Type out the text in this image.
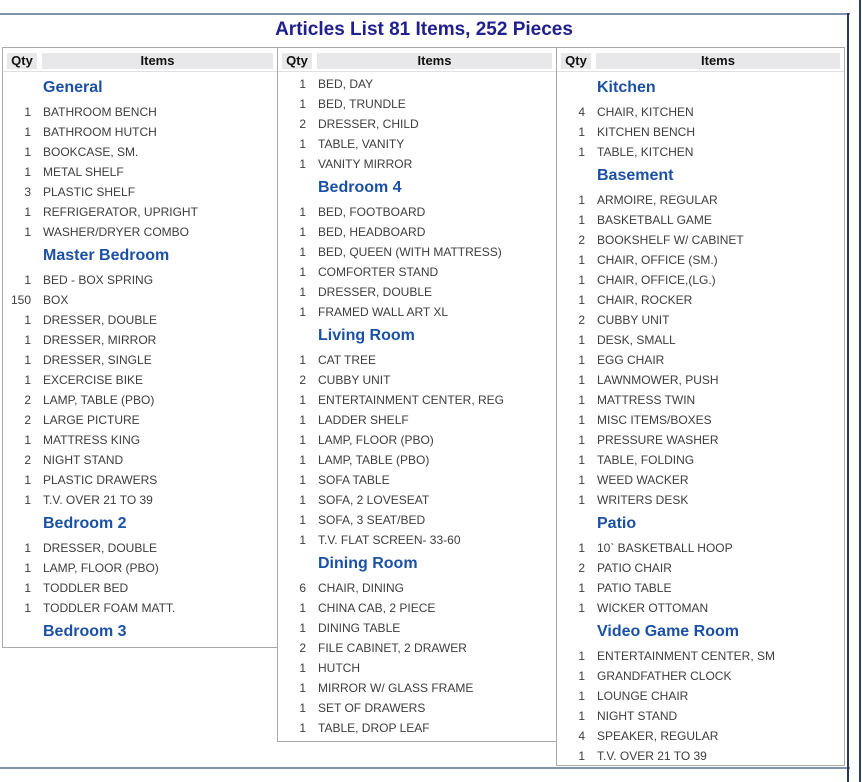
Articles List 81 Items, 252 Pieces
Qty	Items
General
1	BATHROOM BENCH
1	BATHROOM HUTCH
1	BOOKCASE, SM.
1	METAL SHELF
3	PLASTIC SHELF
1	REFRIGERATOR, UPRIGHT
1	WASHER/DRYER COMBO
Master Bedroom
1	BED - BOX SPRING
150	BOX
1	DRESSER, DOUBLE
1	DRESSER, MIRROR
1	DRESSER, SINGLE
1	EXCERCISE BIKE
2	LAMP, TABLE (PBO)
2	LARGE PICTURE
1	MATTRESS KING
2	NIGHT STAND
1	PLASTIC DRAWERS
1	T.V. OVER 21 TO 39
Bedroom 2
1	DRESSER, DOUBLE
1	LAMP, FLOOR (PBO)
1	TODDLER BED
1	TODDLER FOAM MATT.
Bedroom 3
Qty	Items
1	BED, DAY
1	BED, TRUNDLE
2	DRESSER, CHILD
1	TABLE, VANITY
1	VANITY MIRROR
Bedroom 4
1	BED, FOOTBOARD
1	BED, HEADBOARD
1	BED, QUEEN (WITH MATTRESS)
1	COMFORTER STAND
1	DRESSER, DOUBLE
1	FRAMED WALL ART XL
Living Room
1	CAT TREE
2	CUBBY UNIT
1	ENTERTAINMENT CENTER, REG
1	LADDER SHELF
1	LAMP, FLOOR (PBO)
1	LAMP, TABLE (PBO)
1	SOFA TABLE
1	SOFA, 2 LOVESEAT
1	SOFA, 3 SEAT/BED
1	T.V. FLAT SCREEN- 33-60
Dining Room
6	CHAIR, DINING
1	CHINA CAB, 2 PIECE
1	DINING TABLE
2	FILE CABINET, 2 DRAWER
1	HUTCH
1	MIRROR W/ GLASS FRAME
1	SET OF DRAWERS
1	TABLE, DROP LEAF
Qty	Items
Kitchen
4	CHAIR, KITCHEN
1	KITCHEN BENCH
1	TABLE, KITCHEN
Basement
1	ARMOIRE, REGULAR
1	BASKETBALL GAME
2	BOOKSHELF W/ CABINET
1	CHAIR, OFFICE (SM.)
1	CHAIR, OFFICE,(LG.)
1	CHAIR, ROCKER
2	CUBBY UNIT
1	DESK, SMALL
1	EGG CHAIR
1	LAWNMOWER, PUSH
1	MATTRESS TWIN
1	MISC ITEMS/BOXES
1	PRESSURE WASHER
1	TABLE, FOLDING
1	WEED WACKER
1	WRITERS DESK
Patio
1	10` BASKETBALL HOOP
2	PATIO CHAIR
1	PATIO TABLE
1	WICKER OTTOMAN
Video Game Room
1	ENTERTAINMENT CENTER, SM
1	GRANDFATHER CLOCK
1	LOUNGE CHAIR
1	NIGHT STAND
4	SPEAKER, REGULAR
1	T.V. OVER 21 TO 39
